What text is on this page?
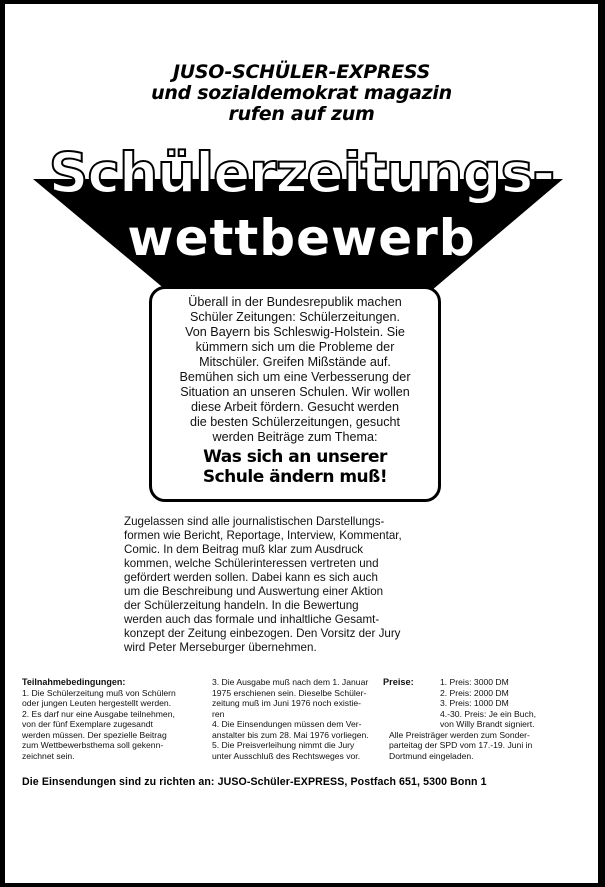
JUSO-SCHÜLER-EXPRESS
und sozialdemokrat magazin
rufen auf zum
Schülerzeitungs-
wettbewerb
Überall in der Bundesrepublik machen
Schüler Zeitungen: Schülerzeitungen.
Von Bayern bis Schleswig-Holstein. Sie
kümmern sich um die Probleme der
Mitschüler. Greifen Mißstände auf.
Bemühen sich um eine Verbesserung der
Situation an unseren Schulen. Wir wollen
diese Arbeit fördern. Gesucht werden
die besten Schülerzeitungen, gesucht
werden Beiträge zum Thema:
Was sich an unserer
Schule ändern muß!
Zugelassen sind alle journalistischen Darstellungs-
formen wie Bericht, Reportage, Interview, Kommentar,
Comic. In dem Beitrag muß klar zum Ausdruck
kommen, welche Schülerinteressen vertreten und
gefördert werden sollen. Dabei kann es sich auch
um die Beschreibung und Auswertung einer Aktion
der Schülerzeitung handeln. In die Bewertung
werden auch das formale und inhaltliche Gesamt-
konzept der Zeitung einbezogen. Den Vorsitz der Jury
wird Peter Merseburger übernehmen.
Teilnahmebedingungen:
1. Die Schülerzeitung muß von Schülern
oder jungen Leuten hergestellt werden.
2. Es darf nur eine Ausgabe teilnehmen,
von der fünf Exemplare zugesandt
werden müssen. Der spezielle Beitrag
zum Wettbewerbsthema soll gekenn-
zeichnet sein.
3. Die Ausgabe muß nach dem 1. Januar
1975 erschienen sein. Dieselbe Schüler-
zeitung muß im Juni 1976 noch existie-
ren
4. Die Einsendungen müssen dem Ver-
anstalter bis zum 28. Mai 1976 vorliegen.
5. Die Preisverleihung nimmt die Jury
unter Ausschluß des Rechtsweges vor.
Preise:	1. Preis: 3000 DM
2. Preis: 2000 DM
3. Preis: 1000 DM
4.-30. Preis: Je ein Buch,
von Willy Brandt signiert.
Alle Preisträger werden zum Sonder-
parteitag der SPD vom 17.-19. Juni in
Dortmund eingeladen.
Die Einsendungen sind zu richten an: JUSO-Schüler-EXPRESS, Postfach 651, 5300 Bonn 1
